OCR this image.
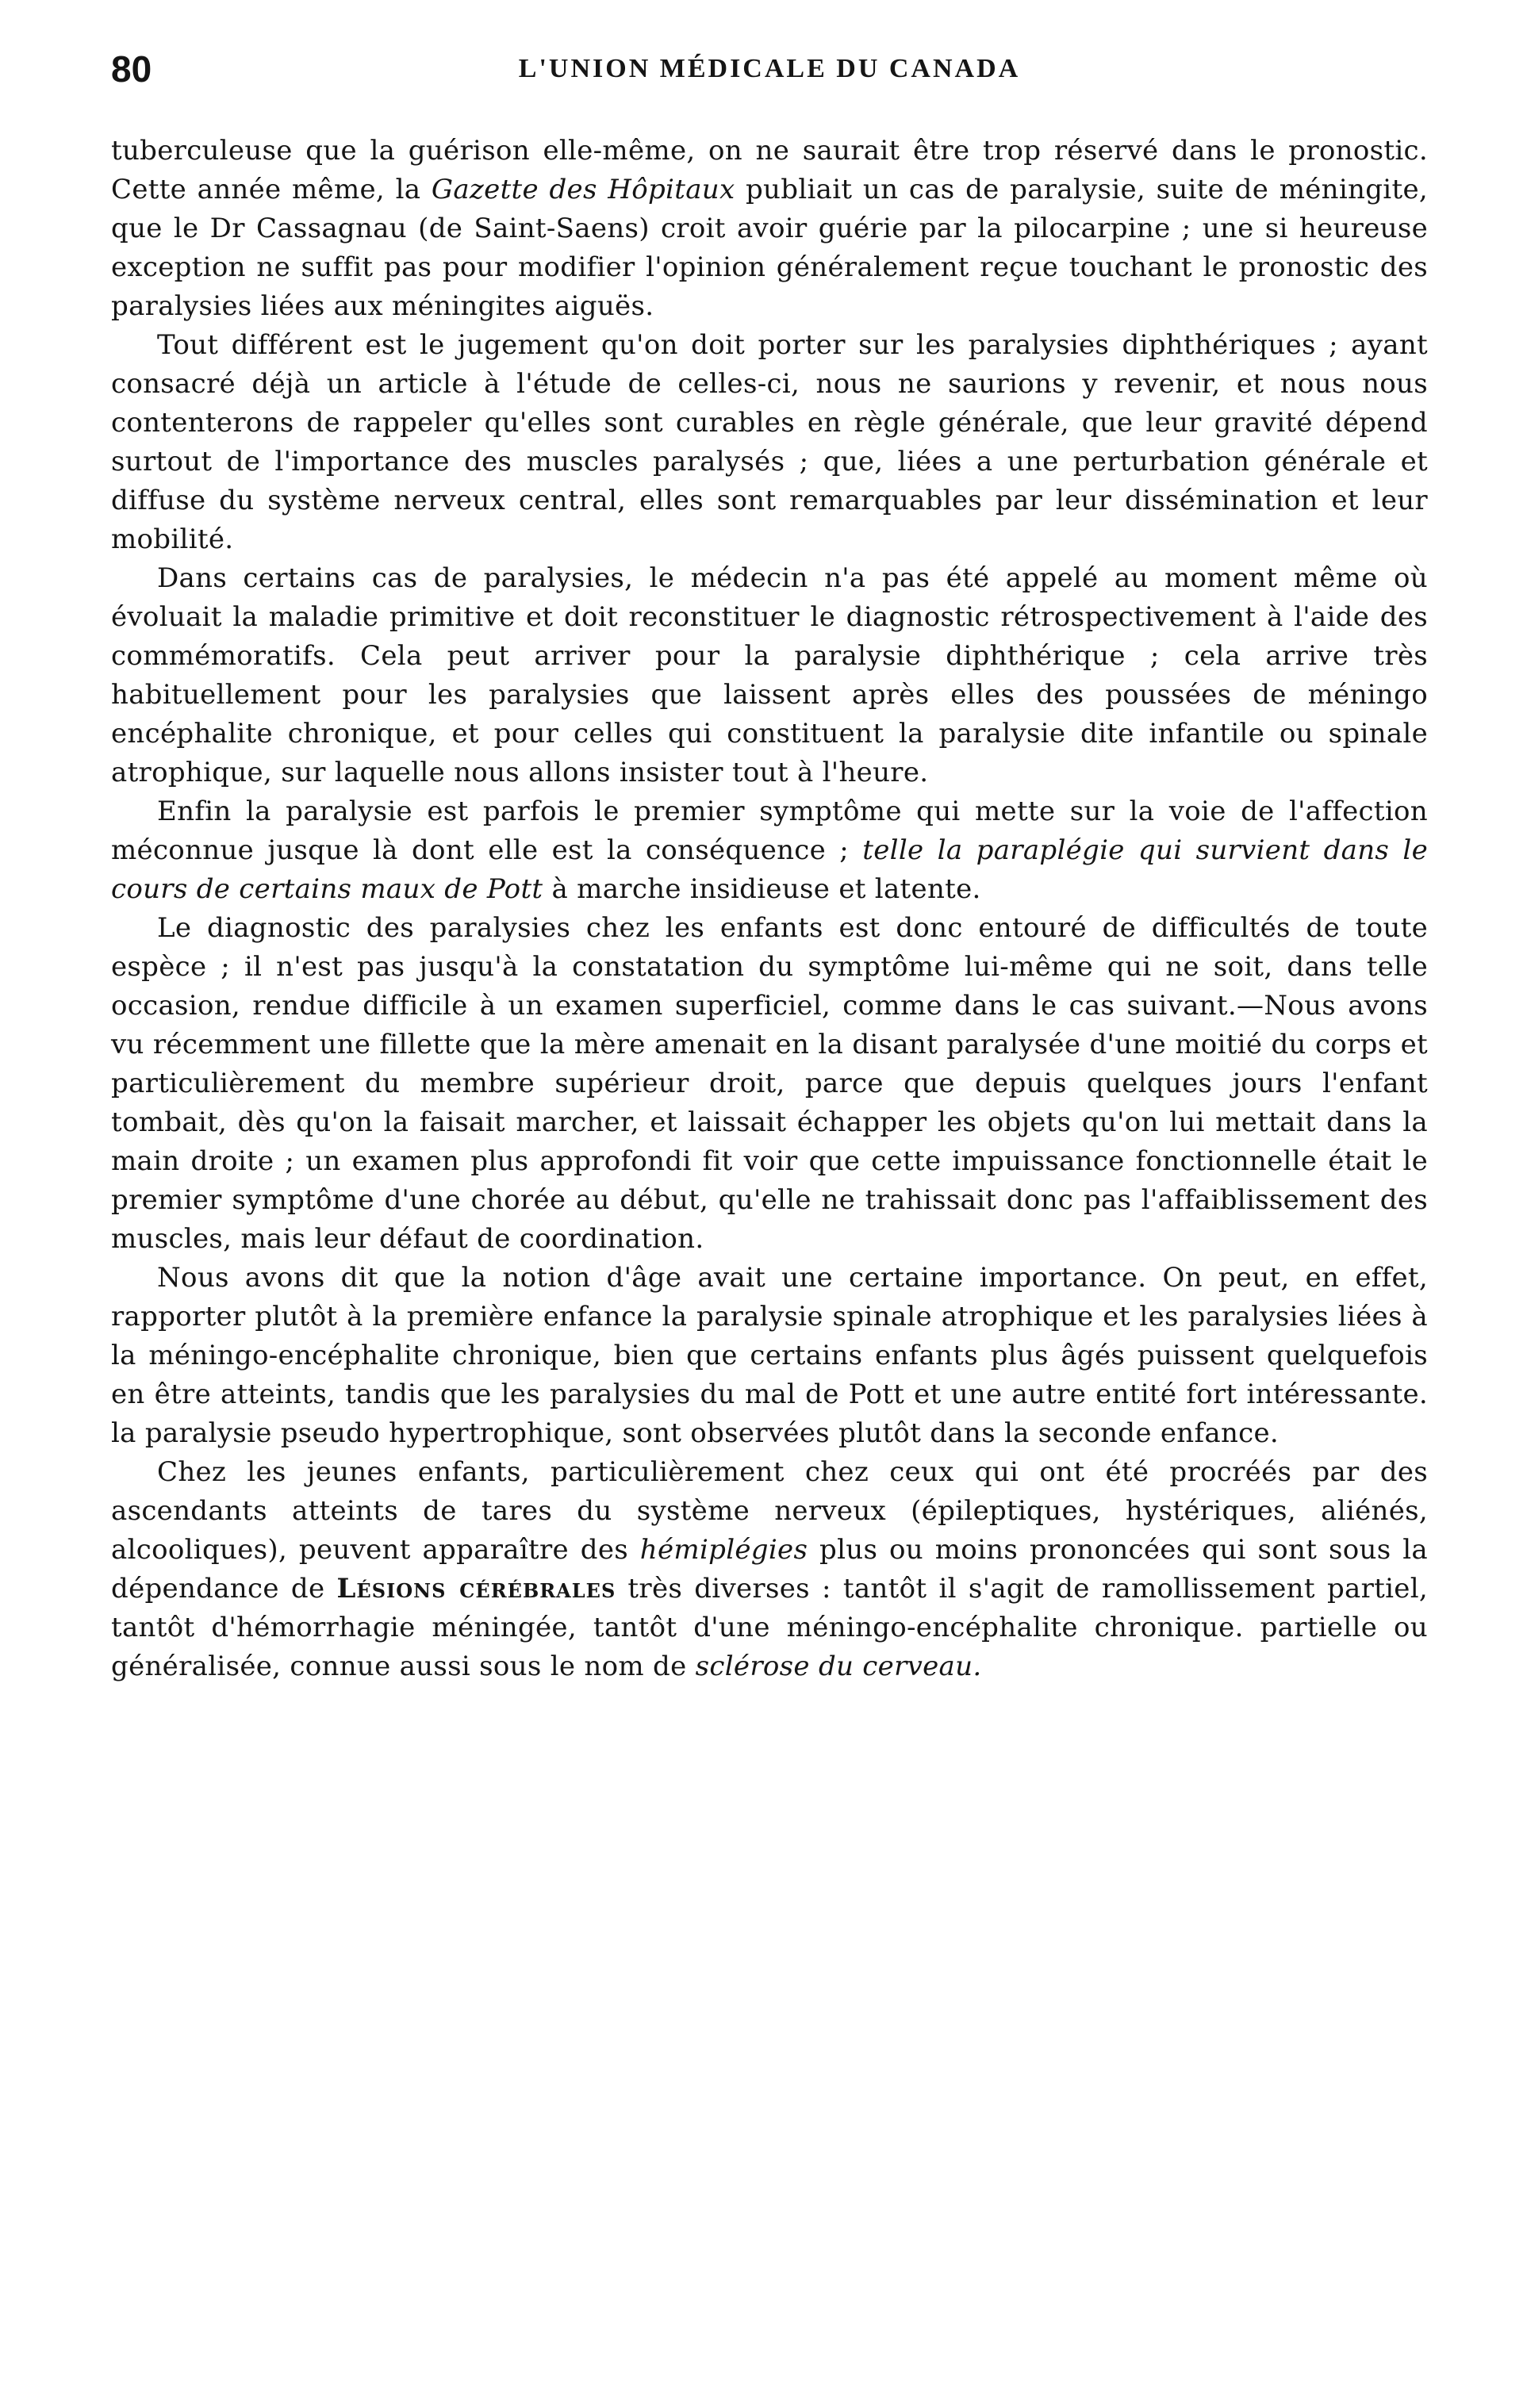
80	L'UNION MÉDICALE DU CANADA

tuberculeuse que la guérison elle-même, on ne saurait être trop réservé dans le pronostic. Cette année même, la Gazette des Hôpitaux publiait un cas de paralysie, suite de méningite, que le Dr Cassagnau (de Saint-Saens) croit avoir guérie par la pilocarpine ; une si heureuse exception ne suffit pas pour modifier l'opinion généralement reçue touchant le pronostic des paralysies liées aux méningites aiguës.

Tout différent est le jugement qu'on doit porter sur les paralysies diphthériques ; ayant consacré déjà un article à l'étude de celles-ci, nous ne saurions y revenir, et nous nous contenterons de rappeler qu'elles sont curables en règle générale, que leur gravité dépend surtout de l'importance des muscles paralysés ; que, liées a une perturbation générale et diffuse du système nerveux central, elles sont remarquables par leur dissémination et leur mobilité.

Dans certains cas de paralysies, le médecin n'a pas été appelé au moment même où évoluait la maladie primitive et doit reconstituer le diagnostic rétrospectivement à l'aide des commémoratifs. Cela peut arriver pour la paralysie diphthérique ; cela arrive très habituellement pour les paralysies que laissent après elles des poussées de méningo encéphalite chronique, et pour celles qui constituent la paralysie dite infantile ou spinale atrophique, sur laquelle nous allons insister tout à l'heure.

Enfin la paralysie est parfois le premier symptôme qui mette sur la voie de l'affection méconnue jusque là dont elle est la conséquence ; telle la paraplégie qui survient dans le cours de certains maux de Pott à marche insidieuse et latente.

Le diagnostic des paralysies chez les enfants est donc entouré de difficultés de toute espèce ; il n'est pas jusqu'à la constatation du symptôme lui-même qui ne soit, dans telle occasion, rendue difficile à un examen superficiel, comme dans le cas suivant.—Nous avons vu récemment une fillette que la mère amenait en la disant paralysée d'une moitié du corps et particulièrement du membre supérieur droit, parce que depuis quelques jours l'enfant tombait, dès qu'on la faisait marcher, et laissait échapper les objets qu'on lui mettait dans la main droite ; un examen plus approfondi fit voir que cette impuissance fonctionnelle était le premier symptôme d'une chorée au début, qu'elle ne trahissait donc pas l'affaiblissement des muscles, mais leur défaut de coordination.

Nous avons dit que la notion d'âge avait une certaine importance. On peut, en effet, rapporter plutôt à la première enfance la paralysie spinale atrophique et les paralysies liées à la méningo-encéphalite chronique, bien que certains enfants plus âgés puissent quelquefois en être atteints, tandis que les paralysies du mal de Pott et une autre entité fort intéressante. la paralysie pseudo hypertrophique, sont observées plutôt dans la seconde enfance.

Chez les jeunes enfants, particulièrement chez ceux qui ont été procréés par des ascendants atteints de tares du système nerveux (épileptiques, hystériques, aliénés, alcooliques), peuvent apparaître des hémiplégies plus ou moins prononcées qui sont sous la dépendance de Lésions cérébrales très diverses : tantôt il s'agit de ramollissement partiel, tantôt d'hémorrhagie méningée, tantôt d'une méningo-encéphalite chronique. partielle ou généralisée, connue aussi sous le nom de sclérose du cerveau.
